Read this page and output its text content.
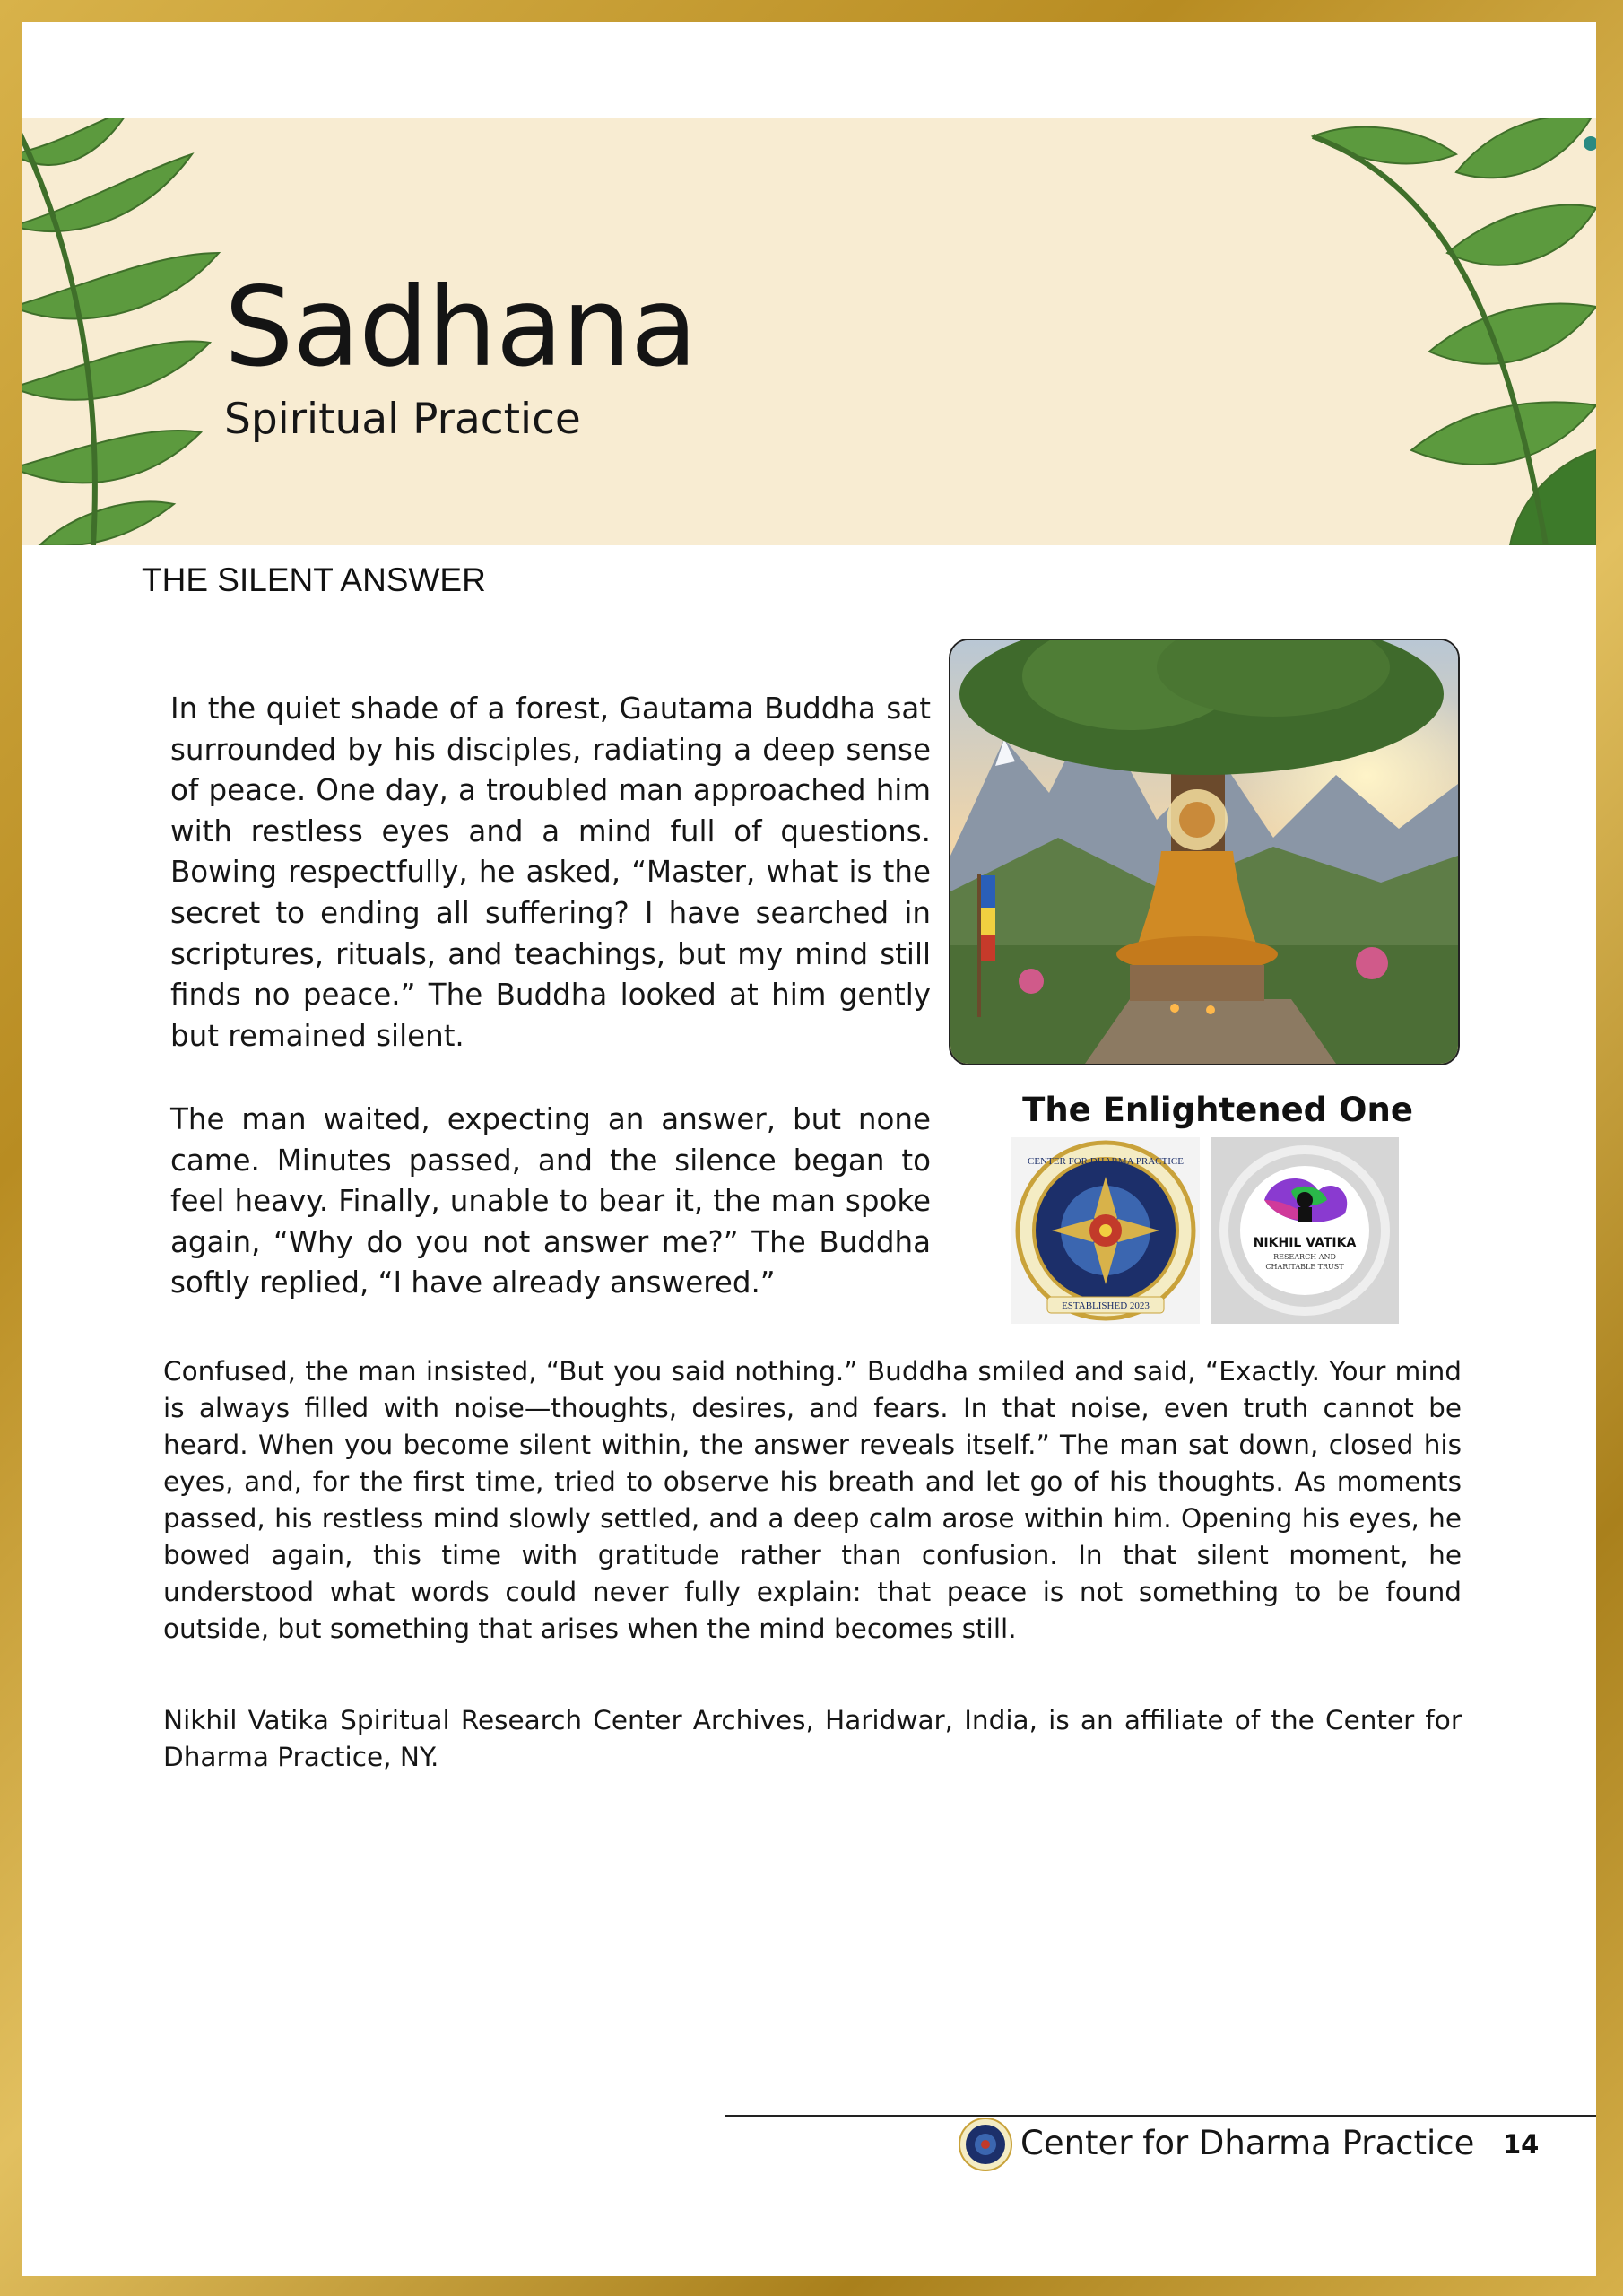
Sadhana
Spiritual Practice
THE SILENT ANSWER

In the quiet shade of a forest, Gautama Buddha sat surrounded by his disciples, radiating a deep sense of peace. One day, a troubled man approached him with restless eyes and a mind full of questions. Bowing respectfully, he asked, “Master, what is the secret to ending all suffering? I have searched in scriptures, rituals, and teachings, but my mind still finds no peace.” The Buddha looked at him gently but remained silent.

The man waited, expecting an answer, but none came. Minutes passed, and the silence began to feel heavy. Finally, unable to bear it, the man spoke again, “Why do you not answer me?” The Buddha softly replied, “I have already answered.”

The Enlightened One

CENTER FOR DHARMA PRACTICE
ESTABLISHED 2023
NIKHIL VATIKA
RESEARCH AND
CHARITABLE TRUST

Confused, the man insisted, “But you said nothing.” Buddha smiled and said, “Exactly. Your mind is always filled with noise—thoughts, desires, and fears. In that noise, even truth cannot be heard. When you become silent within, the answer reveals itself.” The man sat down, closed his eyes, and, for the first time, tried to observe his breath and let go of his thoughts. As moments passed, his restless mind slowly settled, and a deep calm arose within him. Opening his eyes, he bowed again, this time with gratitude rather than confusion. In that silent moment, he understood what words could never fully explain: that peace is not something to be found outside, but something that arises when the mind becomes still.

Nikhil Vatika Spiritual Research Center Archives, Haridwar, India, is an affiliate of the Center for Dharma Practice, NY.

Center for Dharma Practice 14
